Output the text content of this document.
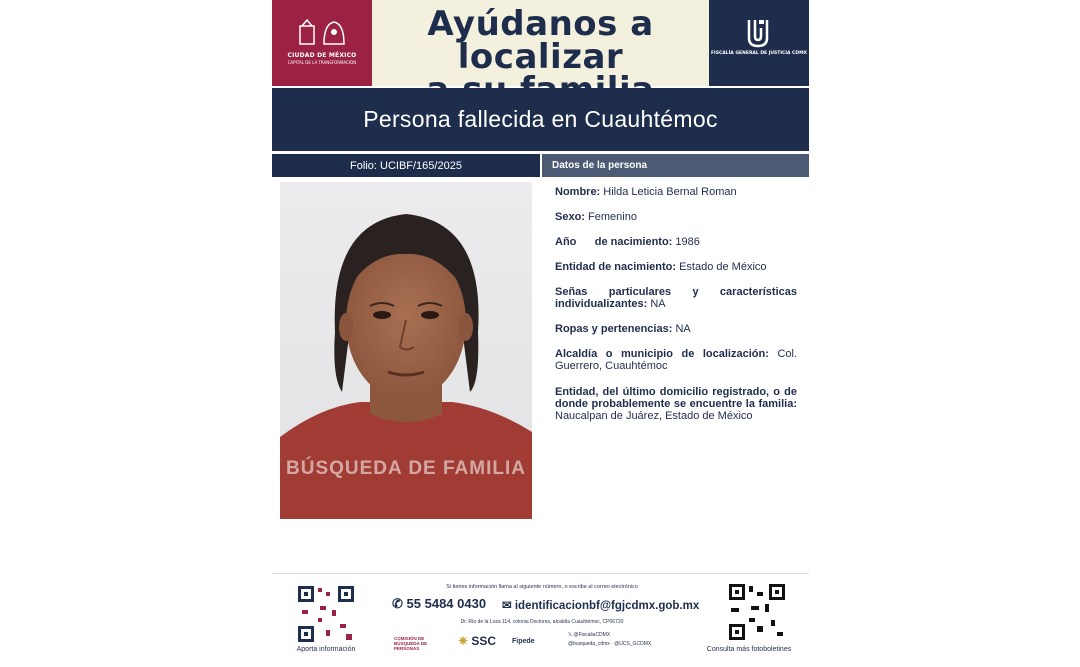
CIUDAD DE MÉXICO
CAPITAL DE LA TRANSFORMACIÓN
Ayúdanos a localizar	FISCALÍA GENERAL DE JUSTICIA CDMX
Persona fallecida en Cuauhtémoc
Folio: UCIBF/165/2025	Datos de la persona
BÚSQUEDA DE FAMILIA
Nombre: Hilda Leticia Bernal Roman
Sexo: Femenino
Año      de nacimiento: 1986
Entidad de nacimiento: Estado de México
Señas particulares y características individualizantes: NA
Ropas y pertenencias: NA
Alcaldía o municipio de localización: Col. Guerrero, Cuauhtémoc
Entidad, del último domicilio registrado, o de donde probablemente se encuentre la familia: Naucalpan de Juárez, Estado de México
Aporta información
Si tienes información llama al siguiente número, o escribe al correo electrónico
✆ 55 5484 0430 ✉ identificacionbf@fgjcdmx.gob.mx
Dr. Río de la Loza 114, colonia Doctores, alcaldía Cuauhtémoc, CP06720
COMISIÓN DE BÚSQUEDA DE PERSONAS
✷ SSC Fipede
𝕏 @FiscaliaCDMX
@busqueda_cdmx · @UCS_GCDMX
Consulta más fotoboletines
